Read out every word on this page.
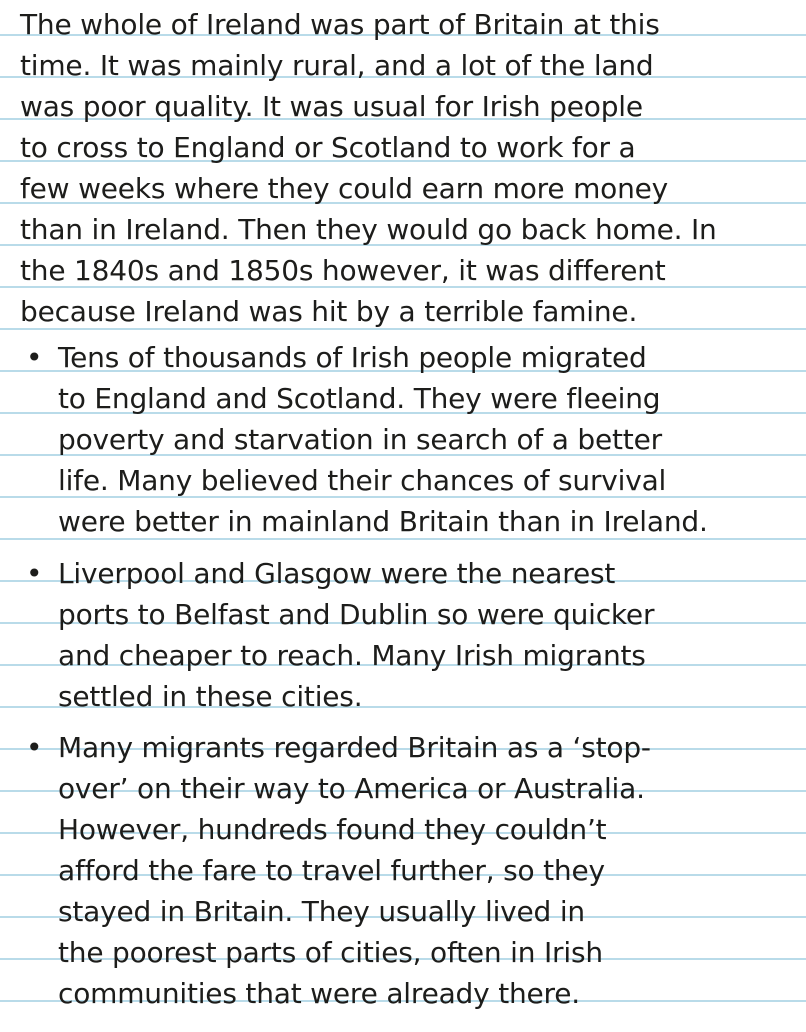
The whole of Ireland was part of Britain at this
time. It was mainly rural, and a lot of the land
was poor quality. It was usual for Irish people
to cross to England or Scotland to work for a
few weeks where they could earn more money
than in Ireland. Then they would go back home. In
the 1840s and 1850s however, it was different
because Ireland was hit by a terrible famine.
• Tens of thousands of Irish people migrated
to England and Scotland. They were fleeing
poverty and starvation in search of a better
life. Many believed their chances of survival
were better in mainland Britain than in Ireland.
• Liverpool and Glasgow were the nearest
ports to Belfast and Dublin so were quicker
and cheaper to reach. Many Irish migrants
settled in these cities.
• Many migrants regarded Britain as a ‘stop-
over’ on their way to America or Australia.
However, hundreds found they couldn’t
afford the fare to travel further, so they
stayed in Britain. They usually lived in
the poorest parts of cities, often in Irish
communities that were already there.
